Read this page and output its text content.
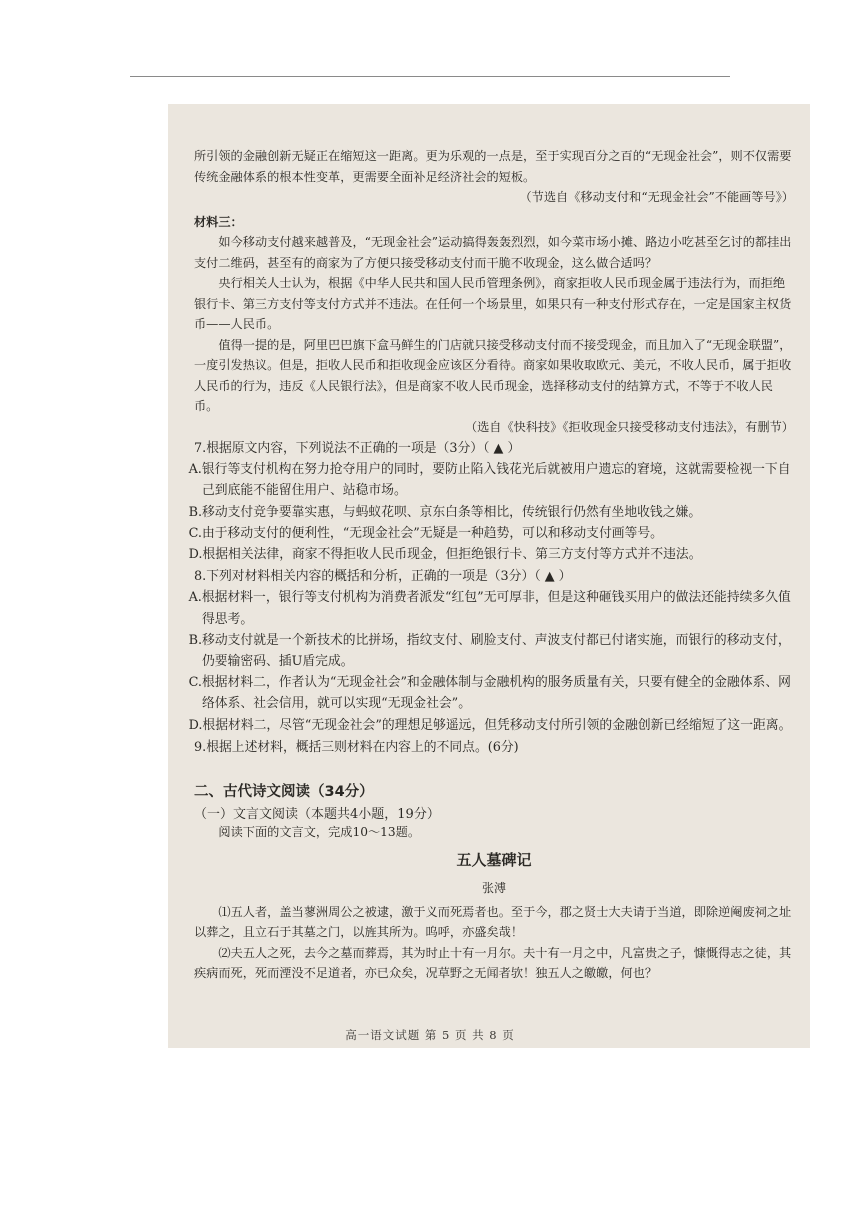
所引领的金融创新无疑正在缩短这一距离。更为乐观的一点是，至于实现百分之百的“无现金社会”，则不仅需要传统金融体系的根本性变革，更需要全面补足经济社会的短板。

（节选自《移动支付和“无现金社会”不能画等号》）

材料三：

如今移动支付越来越普及，“无现金社会”运动搞得轰轰烈烈，如今菜市场小摊、路边小吃甚至乞讨的都挂出支付二维码，甚至有的商家为了方便只接受移动支付而干脆不收现金，这么做合适吗？

央行相关人士认为，根据《中华人民共和国人民币管理条例》，商家拒收人民币现金属于违法行为，而拒绝银行卡、第三方支付等支付方式并不违法。在任何一个场景里，如果只有一种支付形式存在，一定是国家主权货币——人民币。

值得一提的是，阿里巴巴旗下盒马鲜生的门店就只接受移动支付而不接受现金，而且加入了“无现金联盟”，一度引发热议。但是，拒收人民币和拒收现金应该区分看待。商家如果收取欧元、美元，不收人民币，属于拒收人民币的行为，违反《人民银行法》，但是商家不收人民币现金，选择移动支付的结算方式，不等于不收人民币。

（选自《快科技》《拒收现金只接受移动支付违法》，有删节）

7.根据原文内容，下列说法不正确的一项是（3分）（ ▲ ）

A.银行等支付机构在努力抢夺用户的同时，要防止陷入钱花光后就被用户遗忘的窘境，这就需要检视一下自己到底能不能留住用户、站稳市场。

B.移动支付竞争要靠实惠，与蚂蚁花呗、京东白条等相比，传统银行仍然有坐地收钱之嫌。

C.由于移动支付的便利性，“无现金社会”无疑是一种趋势，可以和移动支付画等号。

D.根据相关法律，商家不得拒收人民币现金，但拒绝银行卡、第三方支付等方式并不违法。

8.下列对材料相关内容的概括和分析，正确的一项是（3分）（ ▲ ）

A.根据材料一，银行等支付机构为消费者派发“红包”无可厚非，但是这种砸钱买用户的做法还能持续多久值得思考。

B.移动支付就是一个新技术的比拼场，指纹支付、刷脸支付、声波支付都已付诸实施，而银行的移动支付，仍要输密码、插U盾完成。

C.根据材料二，作者认为“无现金社会”和金融体制与金融机构的服务质量有关，只要有健全的金融体系、网络体系、社会信用，就可以实现“无现金社会”。

D.根据材料二，尽管“无现金社会”的理想足够遥远，但凭移动支付所引领的金融创新已经缩短了这一距离。

9.根据上述材料，概括三则材料在内容上的不同点。(6分)

二、古代诗文阅读（34分）

（一）文言文阅读（本题共4小题，19分）

阅读下面的文言文，完成10～13题。

五人墓碑记

张溥

⑴五人者，盖当蓼洲周公之被逮，激于义而死焉者也。至于今，郡之贤士大夫请于当道，即除逆阉废祠之址以葬之，且立石于其墓之门，以旌其所为。呜呼，亦盛矣哉！

⑵夫五人之死，去今之墓而葬焉，其为时止十有一月尔。夫十有一月之中，凡富贵之子，慷慨得志之徒，其疾病而死，死而湮没不足道者，亦已众矣，况草野之无闻者欤！独五人之皦皦，何也？

高一语文试题 第 5 页 共 8 页
